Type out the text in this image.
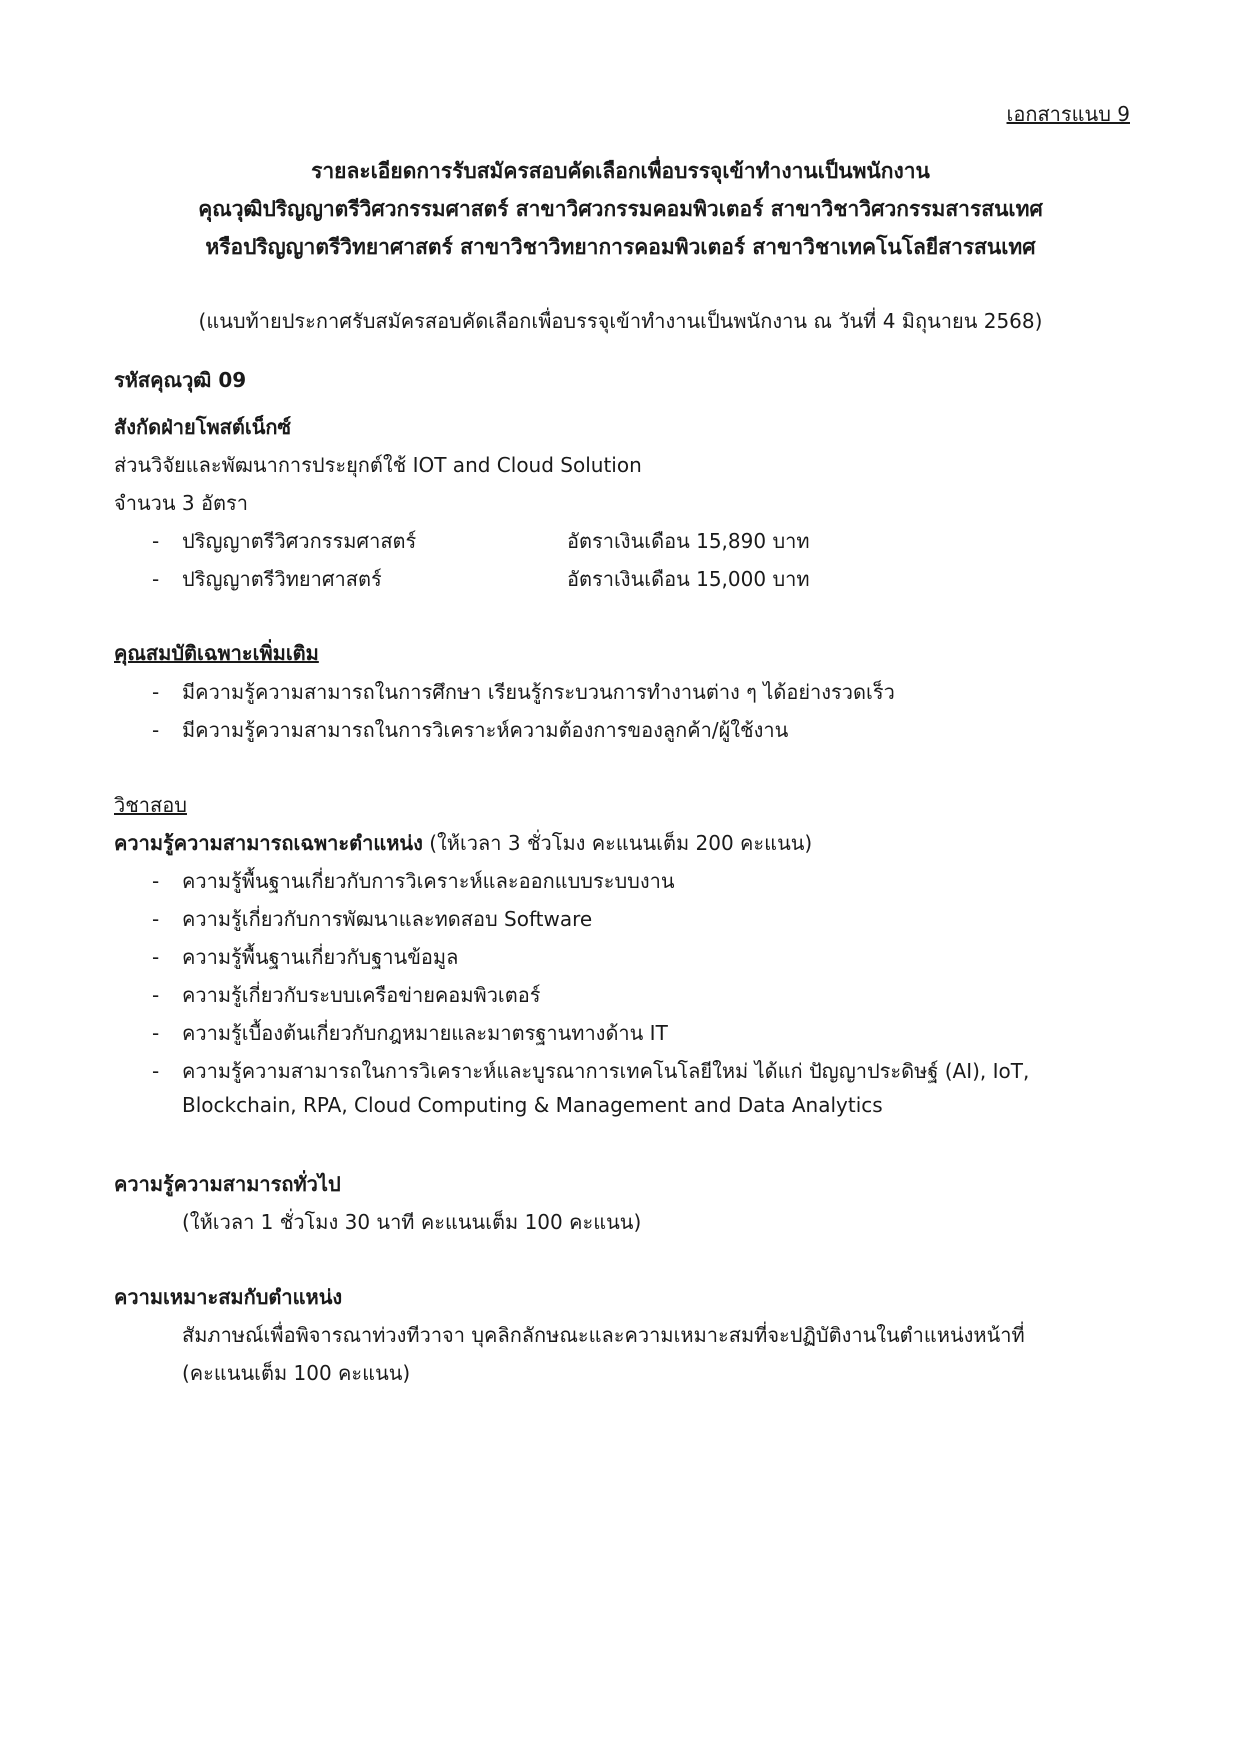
เอกสารแนบ 9
รายละเอียดการรับสมัครสอบคัดเลือกเพื่อบรรจุเข้าทำงานเป็นพนักงาน
คุณวุฒิปริญญาตรีวิศวกรรมศาสตร์ สาขาวิศวกรรมคอมพิวเตอร์ สาขาวิชาวิศวกรรมสารสนเทศ
หรือปริญญาตรีวิทยาศาสตร์ สาขาวิชาวิทยาการคอมพิวเตอร์ สาขาวิชาเทคโนโลยีสารสนเทศ
(แนบท้ายประกาศรับสมัครสอบคัดเลือกเพื่อบรรจุเข้าทำงานเป็นพนักงาน ณ วันที่ 4 มิถุนายน 2568)
รหัสคุณวุฒิ 09
สังกัดฝ่ายโพสต์เน็กซ์
ส่วนวิจัยและพัฒนาการประยุกต์ใช้ IOT and Cloud Solution
จำนวน 3 อัตรา
- ปริญญาตรีวิศวกรรมศาสตร์	อัตราเงินเดือน 15,890 บาท
- ปริญญาตรีวิทยาศาสตร์	อัตราเงินเดือน 15,000 บาท
คุณสมบัติเฉพาะเพิ่มเติม
- มีความรู้ความสามารถในการศึกษา เรียนรู้กระบวนการทำงานต่าง ๆ ได้อย่างรวดเร็ว
- มีความรู้ความสามารถในการวิเคราะห์ความต้องการของลูกค้า/ผู้ใช้งาน
วิชาสอบ
ความรู้ความสามารถเฉพาะตำแหน่ง (ให้เวลา 3 ชั่วโมง คะแนนเต็ม 200 คะแนน)
- ความรู้พื้นฐานเกี่ยวกับการวิเคราะห์และออกแบบระบบงาน
- ความรู้เกี่ยวกับการพัฒนาและทดสอบ Software
- ความรู้พื้นฐานเกี่ยวกับฐานข้อมูล
- ความรู้เกี่ยวกับระบบเครือข่ายคอมพิวเตอร์
- ความรู้เบื้องต้นเกี่ยวกับกฎหมายและมาตรฐานทางด้าน IT
- ความรู้ความสามารถในการวิเคราะห์และบูรณาการเทคโนโลยีใหม่ ได้แก่ ปัญญาประดิษฐ์ (AI), IoT,
Blockchain, RPA, Cloud Computing & Management and Data Analytics
ความรู้ความสามารถทั่วไป
(ให้เวลา 1 ชั่วโมง 30 นาที คะแนนเต็ม 100 คะแนน)
ความเหมาะสมกับตำแหน่ง
สัมภาษณ์เพื่อพิจารณาท่วงทีวาจา บุคลิกลักษณะและความเหมาะสมที่จะปฏิบัติงานในตำแหน่งหน้าที่
(คะแนนเต็ม 100 คะแนน)
